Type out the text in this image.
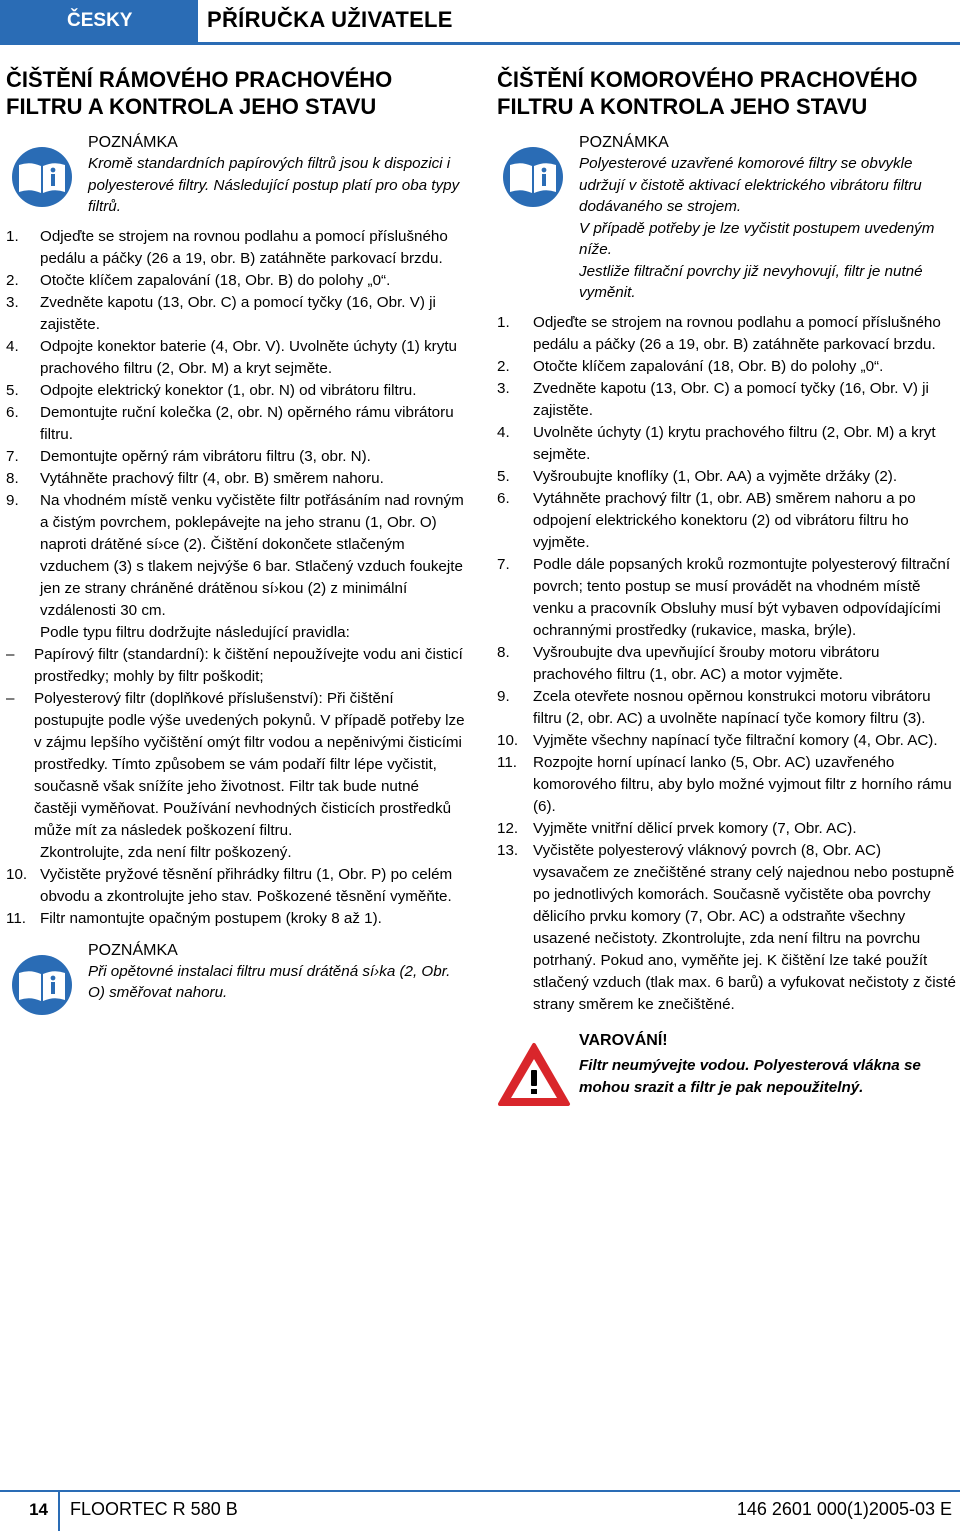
ČESKY	PŘÍRUČKA UŽIVATELE
ČIŠTĚNÍ RÁMOVÉHO PRACHOVÉHO
FILTRU A KONTROLA JEHO STAVU
POZNÁMKA
Kromě standardních papírových filtrů jsou k dispozici i polyesterové filtry. Následující postup platí pro oba typy filtrů.
1. Odjeďte se strojem na rovnou podlahu a pomocí příslušného pedálu a páčky (26 a 19, obr. B) zatáhněte parkovací brzdu.
2. Otočte klíčem zapalování (18, Obr. B) do polohy „0“.
3. Zvedněte kapotu (13, Obr. C) a pomocí tyčky (16, Obr. V) ji zajistěte.
4. Odpojte konektor baterie (4, Obr. V). Uvolněte úchyty (1) krytu prachového filtru (2, Obr. M) a kryt sejměte.
5. Odpojte elektrický konektor (1, obr. N) od vibrátoru filtru.
6. Demontujte ruční kolečka (2, obr. N) opěrného rámu vibrátoru filtru.
7. Demontujte opěrný rám vibrátoru filtru (3, obr. N).
8. Vytáhněte prachový filtr (4, obr. B) směrem nahoru.
9. Na vhodném místě venku vyčistěte filtr potřásáním nad rovným a čistým povrchem, poklepávejte na jeho stranu (1, Obr. O) naproti drátěné sí›ce (2). Čištění dokončete stlačeným vzduchem (3) s tlakem nejvýše 6 bar. Stlačený vzduch foukejte jen ze strany chráněné drátěnou sí›kou (2) z minimální vzdálenosti 30 cm.
Podle typu filtru dodržujte následující pravidla:
– Papírový filtr (standardní): k čištění nepoužívejte vodu ani čisticí prostředky; mohly by filtr poškodit;
– Polyesterový filtr (doplňkové příslušenství): Při čištění postupujte podle výše uvedených pokynů. V případě potřeby lze v zájmu lepšího vyčištění omýt filtr vodou a nepěnivými čisticími prostředky. Tímto způsobem se vám podaří filtr lépe vyčistit, současně však snížíte jeho životnost. Filtr tak bude nutné častěji vyměňovat. Používání nevhodných čisticích prostředků může mít za následek poškození filtru.
Zkontrolujte, zda není filtr poškozený.
10. Vyčistěte pryžové těsnění přihrádky filtru (1, Obr. P) po celém obvodu a zkontrolujte jeho stav. Poškozené těsnění vyměňte.
11. Filtr namontujte opačným postupem (kroky 8 až 1).
POZNÁMKA
Při opětovné instalaci filtru musí drátěná sí›ka (2, Obr. O) směřovat nahoru.
ČIŠTĚNÍ KOMOROVÉHO PRACHOVÉHO
FILTRU A KONTROLA JEHO STAVU
POZNÁMKA

Polyesterové uzavřené komorové filtry se obvykle udržují v čistotě aktivací elektrického vibrátoru filtru dodávaného se strojem.

V případě potřeby je lze vyčistit postupem uvedeným níže.

Jestliže filtrační povrchy již nevyhovují, filtr je nutné vyměnit.

1. Odjeďte se strojem na rovnou podlahu a pomocí příslušného pedálu a páčky (26 a 19, obr. B) zatáhněte parkovací brzdu.
2. Otočte klíčem zapalování (18, Obr. B) do polohy „0“.
3. Zvedněte kapotu (13, Obr. C) a pomocí tyčky (16, Obr. V) ji zajistěte.
4. Uvolněte úchyty (1) krytu prachového filtru (2, Obr. M) a kryt sejměte.
5. Vyšroubujte knoflíky (1, Obr. AA) a vyjměte držáky (2).
6. Vytáhněte prachový filtr (1, obr. AB) směrem nahoru a po odpojení elektrického konektoru (2) od vibrátoru filtru ho vyjměte.
7. Podle dále popsaných kroků rozmontujte polyesterový filtrační povrch; tento postup se musí provádět na vhodném místě venku a pracovník Obsluhy musí být vybaven odpovídajícími ochrannými prostředky (rukavice, maska, brýle).
8. Vyšroubujte dva upevňující šrouby motoru vibrátoru prachového filtru (1, obr. AC) a motor vyjměte.
9. Zcela otevřete nosnou opěrnou konstrukci motoru vibrátoru filtru (2, obr. AC) a uvolněte napínací tyče komory filtru (3).
10. Vyjměte všechny napínací tyče filtrační komory (4, Obr. AC).
11. Rozpojte horní upínací lanko (5, Obr. AC) uzavřeného komorového filtru, aby bylo možné vyjmout filtr z horního rámu (6).
12. Vyjměte vnitřní dělicí prvek komory (7, Obr. AC).
13. Vyčistěte polyesterový vláknový povrch (8, Obr. AC) vysavačem ze znečištěné strany celý najednou nebo postupně po jednotlivých komorách. Současně vyčistěte oba povrchy dělicího prvku komory (7, Obr. AC) a odstraňte všechny usazené nečistoty. Zkontrolujte, zda není filtru na povrchu potrhaný. Pokud ano, vyměňte jej. K čištění lze také použít stlačený vzduch (tlak max. 6 barů) a vyfukovat nečistoty z čisté strany směrem ke znečištěné.
VAROVÁNÍ!
Filtr neumývejte vodou. Polyesterová vlákna se mohou srazit a filtr je pak nepoužitelný.
14	FLOORTEC R 580 B	146 2601 000(1)2005-03 E
